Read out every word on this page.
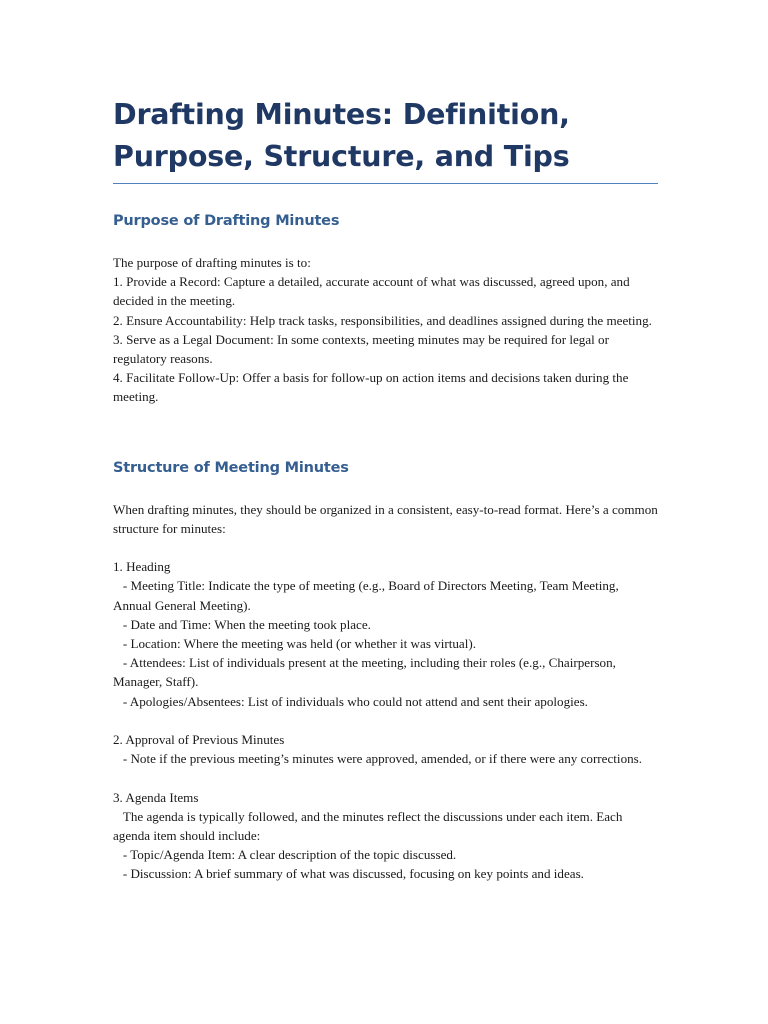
Drafting Minutes: Definition, Purpose, Structure, and Tips
Purpose of Drafting Minutes
The purpose of drafting minutes is to:
1. Provide a Record: Capture a detailed, accurate account of what was discussed, agreed upon, and decided in the meeting.
2. Ensure Accountability: Help track tasks, responsibilities, and deadlines assigned during the meeting.
3. Serve as a Legal Document: In some contexts, meeting minutes may be required for legal or regulatory reasons.
4. Facilitate Follow-Up: Offer a basis for follow-up on action items and decisions taken during the meeting.
Structure of Meeting Minutes
When drafting minutes, they should be organized in a consistent, easy-to-read format. Here’s a common structure for minutes:
1. Heading
- Meeting Title: Indicate the type of meeting (e.g., Board of Directors Meeting, Team Meeting, Annual General Meeting).
- Date and Time: When the meeting took place.
- Location: Where the meeting was held (or whether it was virtual).
- Attendees: List of individuals present at the meeting, including their roles (e.g., Chairperson, Manager, Staff).
- Apologies/Absentees: List of individuals who could not attend and sent their apologies.
2. Approval of Previous Minutes
- Note if the previous meeting’s minutes were approved, amended, or if there were any corrections.
3. Agenda Items
The agenda is typically followed, and the minutes reflect the discussions under each item. Each agenda item should include:
- Topic/Agenda Item: A clear description of the topic discussed.
- Discussion: A brief summary of what was discussed, focusing on key points and ideas.
